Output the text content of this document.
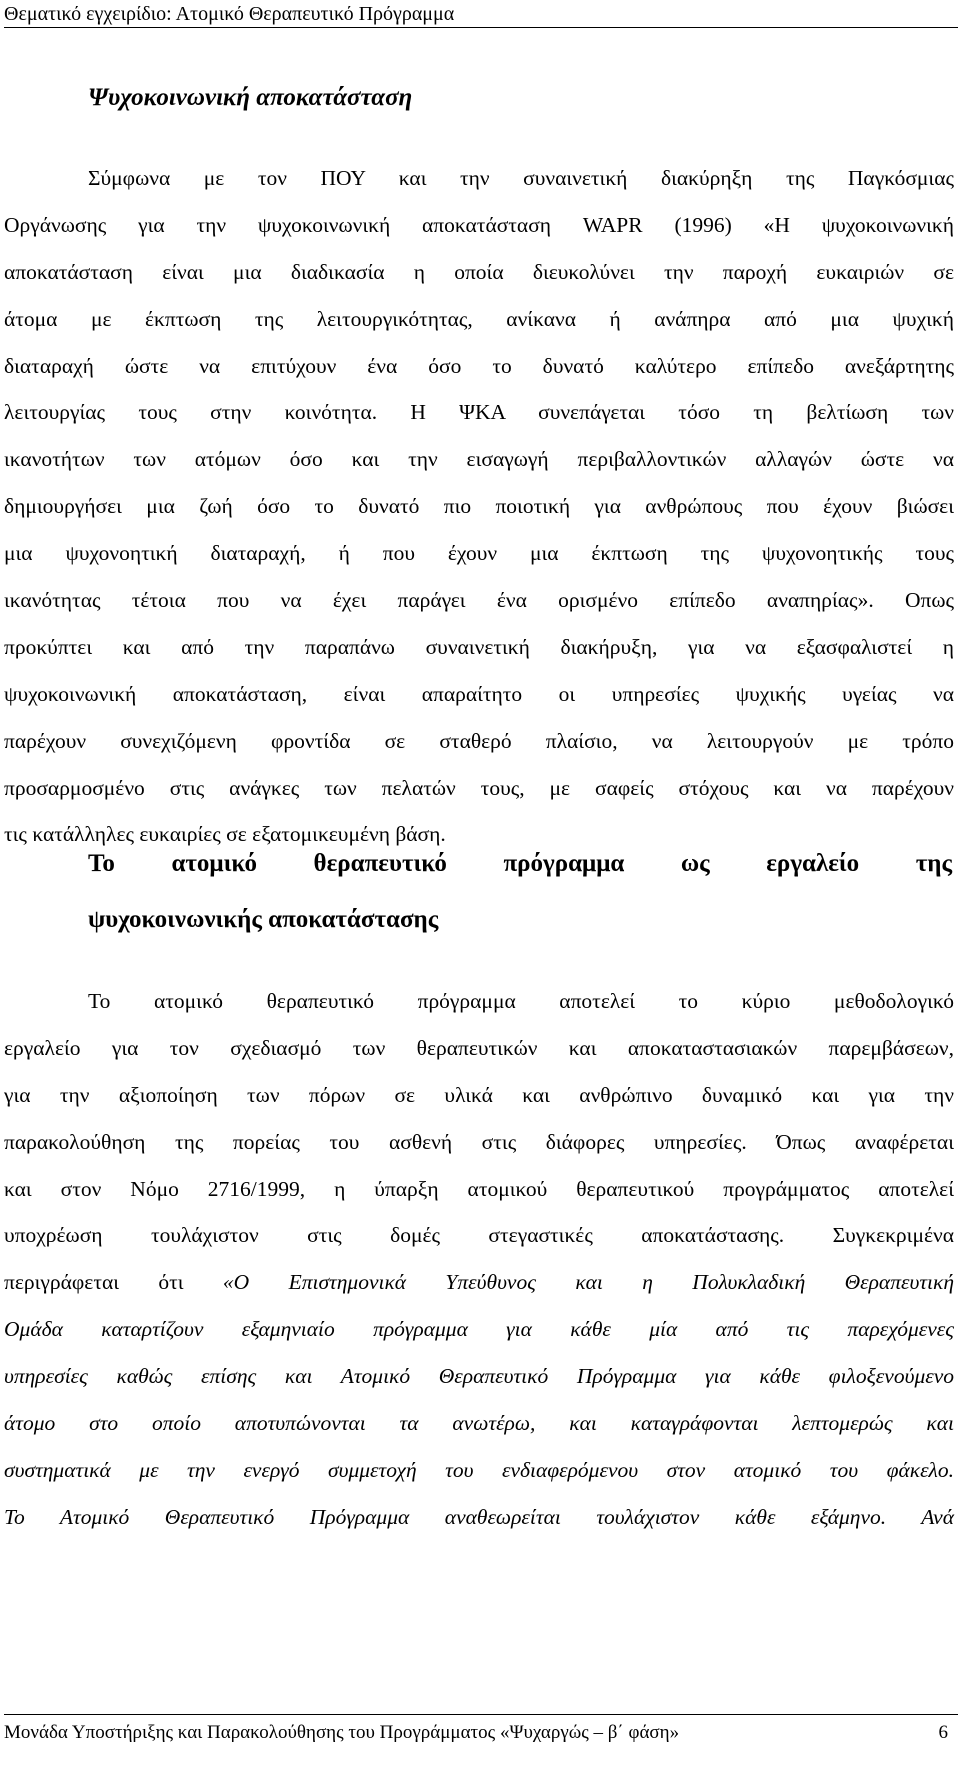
Θεματικό εγχειρίδιο: Ατομικό Θεραπευτικό Πρόγραμμα
Ψυχοκοινωνική αποκατάσταση
Σύμφωνα με τον ΠΟΥ και την συναινετική διακύρηξη της Παγκόσμιας
Οργάνωσης για την ψυχοκοινωνική αποκατάσταση WAPR (1996) «Η ψυχοκοινωνική
αποκατάσταση είναι μια διαδικασία η οποία διευκολύνει την παροχή ευκαιριών σε
άτομα με έκπτωση της λειτουργικότητας, ανίκανα ή ανάπηρα από μια ψυχική
διαταραχή ώστε να επιτύχουν ένα όσο το δυνατό καλύτερο επίπεδο ανεξάρτητης
λειτουργίας τους στην κοινότητα. Η ΨΚΑ συνεπάγεται τόσο τη βελτίωση των
ικανοτήτων των ατόμων όσο και την εισαγωγή περιβαλλοντικών αλλαγών ώστε να
δημιουργήσει μια ζωή όσο το δυνατό πιο ποιοτική για ανθρώπους που έχουν βιώσει
μια ψυχονοητική διαταραχή, ή που έχουν μια έκπτωση της ψυχονοητικής τους
ικανότητας τέτοια που να έχει παράγει ένα ορισμένο επίπεδο αναπηρίας». Οπως
προκύπτει και από την παραπάνω συναινετική διακήρυξη, για να εξασφαλιστεί η
ψυχοκοινωνική αποκατάσταση, είναι απαραίτητο οι υπηρεσίες ψυχικής υγείας να
παρέχουν συνεχιζόμενη φροντίδα σε σταθερό πλαίσιο, να λειτουργούν με τρόπο
προσαρμοσμένο στις ανάγκες των πελατών τους, με σαφείς στόχους και να παρέχουν
τις κατάλληλες ευκαιρίες σε εξατομικευμένη βάση.
Το ατομικό θεραπευτικό πρόγραμμα ως εργαλείο της
ψυχοκοινωνικής αποκατάστασης
Το ατομικό θεραπευτικό πρόγραμμα αποτελεί το κύριο μεθοδολογικό
εργαλείο για τον σχεδιασμό των θεραπευτικών και αποκαταστασιακών παρεμβάσεων,
για την αξιοποίηση των πόρων σε υλικά και ανθρώπινο δυναμικό και για την
παρακολούθηση της πορείας του ασθενή στις διάφορες υπηρεσίες. Όπως αναφέρεται
και στον Νόμο 2716/1999, η ύπαρξη ατομικού θεραπευτικού προγράμματος αποτελεί
υποχρέωση τουλάχιστον στις δομές στεγαστικές αποκατάστασης. Συγκεκριμένα
περιγράφεται ότι «Ο Επιστημονικά Υπεύθυνος και η Πολυκλαδική Θεραπευτική
Ομάδα καταρτίζουν εξαμηνιαίο πρόγραμμα για κάθε μία από τις παρεχόμενες
υπηρεσίες καθώς επίσης και Ατομικό Θεραπευτικό Πρόγραμμα για κάθε φιλοξενούμενο
άτομο στο οποίο αποτυπώνονται τα ανωτέρω, και καταγράφονται λεπτομερώς και
συστηματικά με την ενεργό συμμετοχή του ενδιαφερόμενου στον ατομικό του φάκελο.
Το Ατομικό Θεραπευτικό Πρόγραμμα αναθεωρείται τουλάχιστον κάθε εξάμηνο. Ανά
Μονάδα Υποστήριξης και Παρακολούθησης του Προγράμματος «Ψυχαργώς – β΄ φάση»	6
